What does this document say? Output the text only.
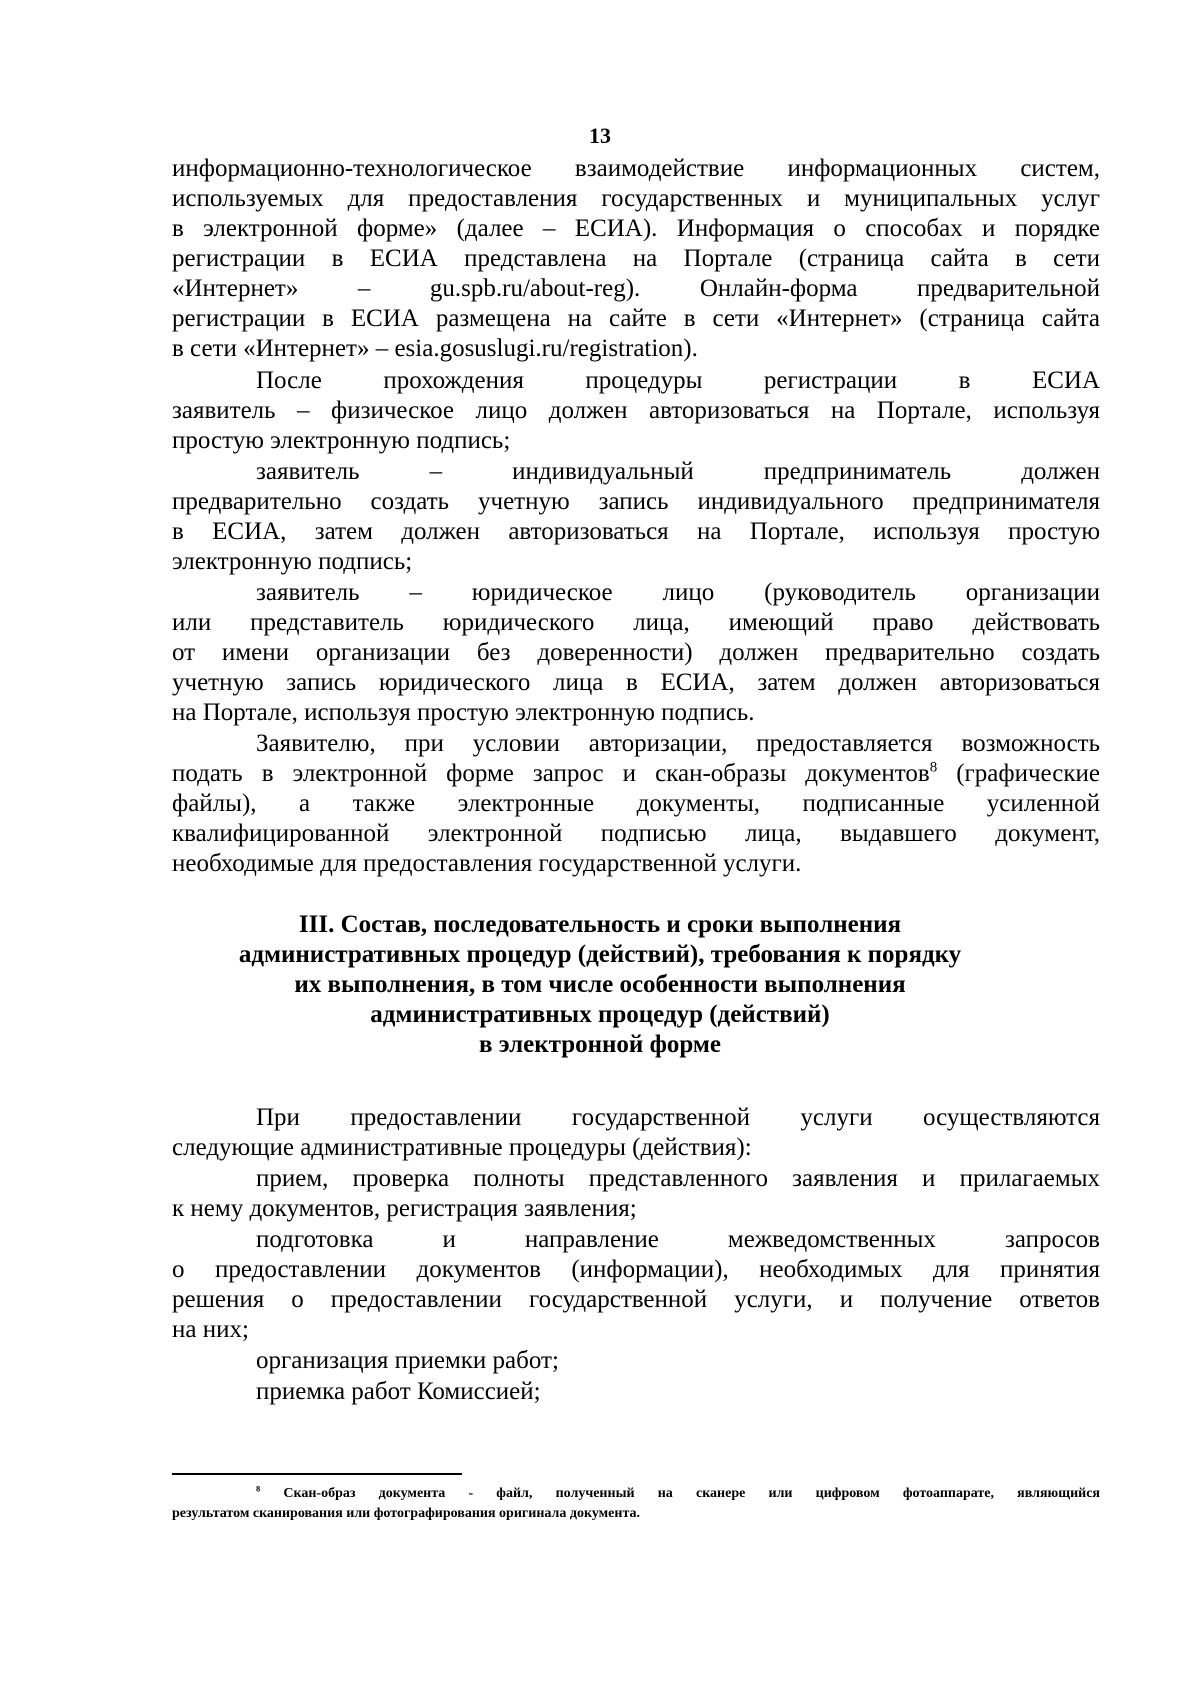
13
информационно-технологическое взаимодействие информационных систем,
используемых для предоставления государственных и муниципальных услуг
в электронной форме» (далее – ЕСИА). Информация о способах и порядке
регистрации в ЕСИА представлена на Портале (страница сайта в сети
«Интернет» – gu.spb.ru/about-reg). Онлайн-форма предварительной
регистрации в ЕСИА размещена на сайте в сети «Интернет» (страница сайта
в сети «Интернет» – esia.gosuslugi.ru/registration).
После прохождения процедуры регистрации в ЕСИА
заявитель – физическое лицо должен авторизоваться на Портале, используя
простую электронную подпись;
заявитель – индивидуальный предприниматель должен
предварительно создать учетную запись индивидуального предпринимателя
в ЕСИА, затем должен авторизоваться на Портале, используя простую
электронную подпись;
заявитель – юридическое лицо (руководитель организации
или представитель юридического лица, имеющий право действовать
от имени организации без доверенности) должен предварительно создать
учетную запись юридического лица в ЕСИА, затем должен авторизоваться
на Портале, используя простую электронную подпись.
Заявителю, при условии авторизации, предоставляется возможность
подать в электронной форме запрос и скан-образы документов$^8$ (графические
файлы), а также электронные документы, подписанные усиленной
квалифицированной электронной подписью лица, выдавшего документ,
необходимые для предоставления государственной услуги.
III. Состав, последовательность и сроки выполнения
административных процедур (действий), требования к порядку
их выполнения, в том числе особенности выполнения
административных процедур (действий)
в электронной форме
При предоставлении государственной услуги осуществляются
следующие административные процедуры (действия):
прием, проверка полноты представленного заявления и прилагаемых
к нему документов, регистрация заявления;
подготовка и направление межведомственных запросов
о предоставлении документов (информации), необходимых для принятия
решения о предоставлении государственной услуги, и получение ответов
на них;
организация приемки работ;
приемка работ Комиссией;
$^8$ Скан-образ документа - файл, полученный на сканере или цифровом фотоаппарате, являющийся
результатом сканирования или фотографирования оригинала документа.
